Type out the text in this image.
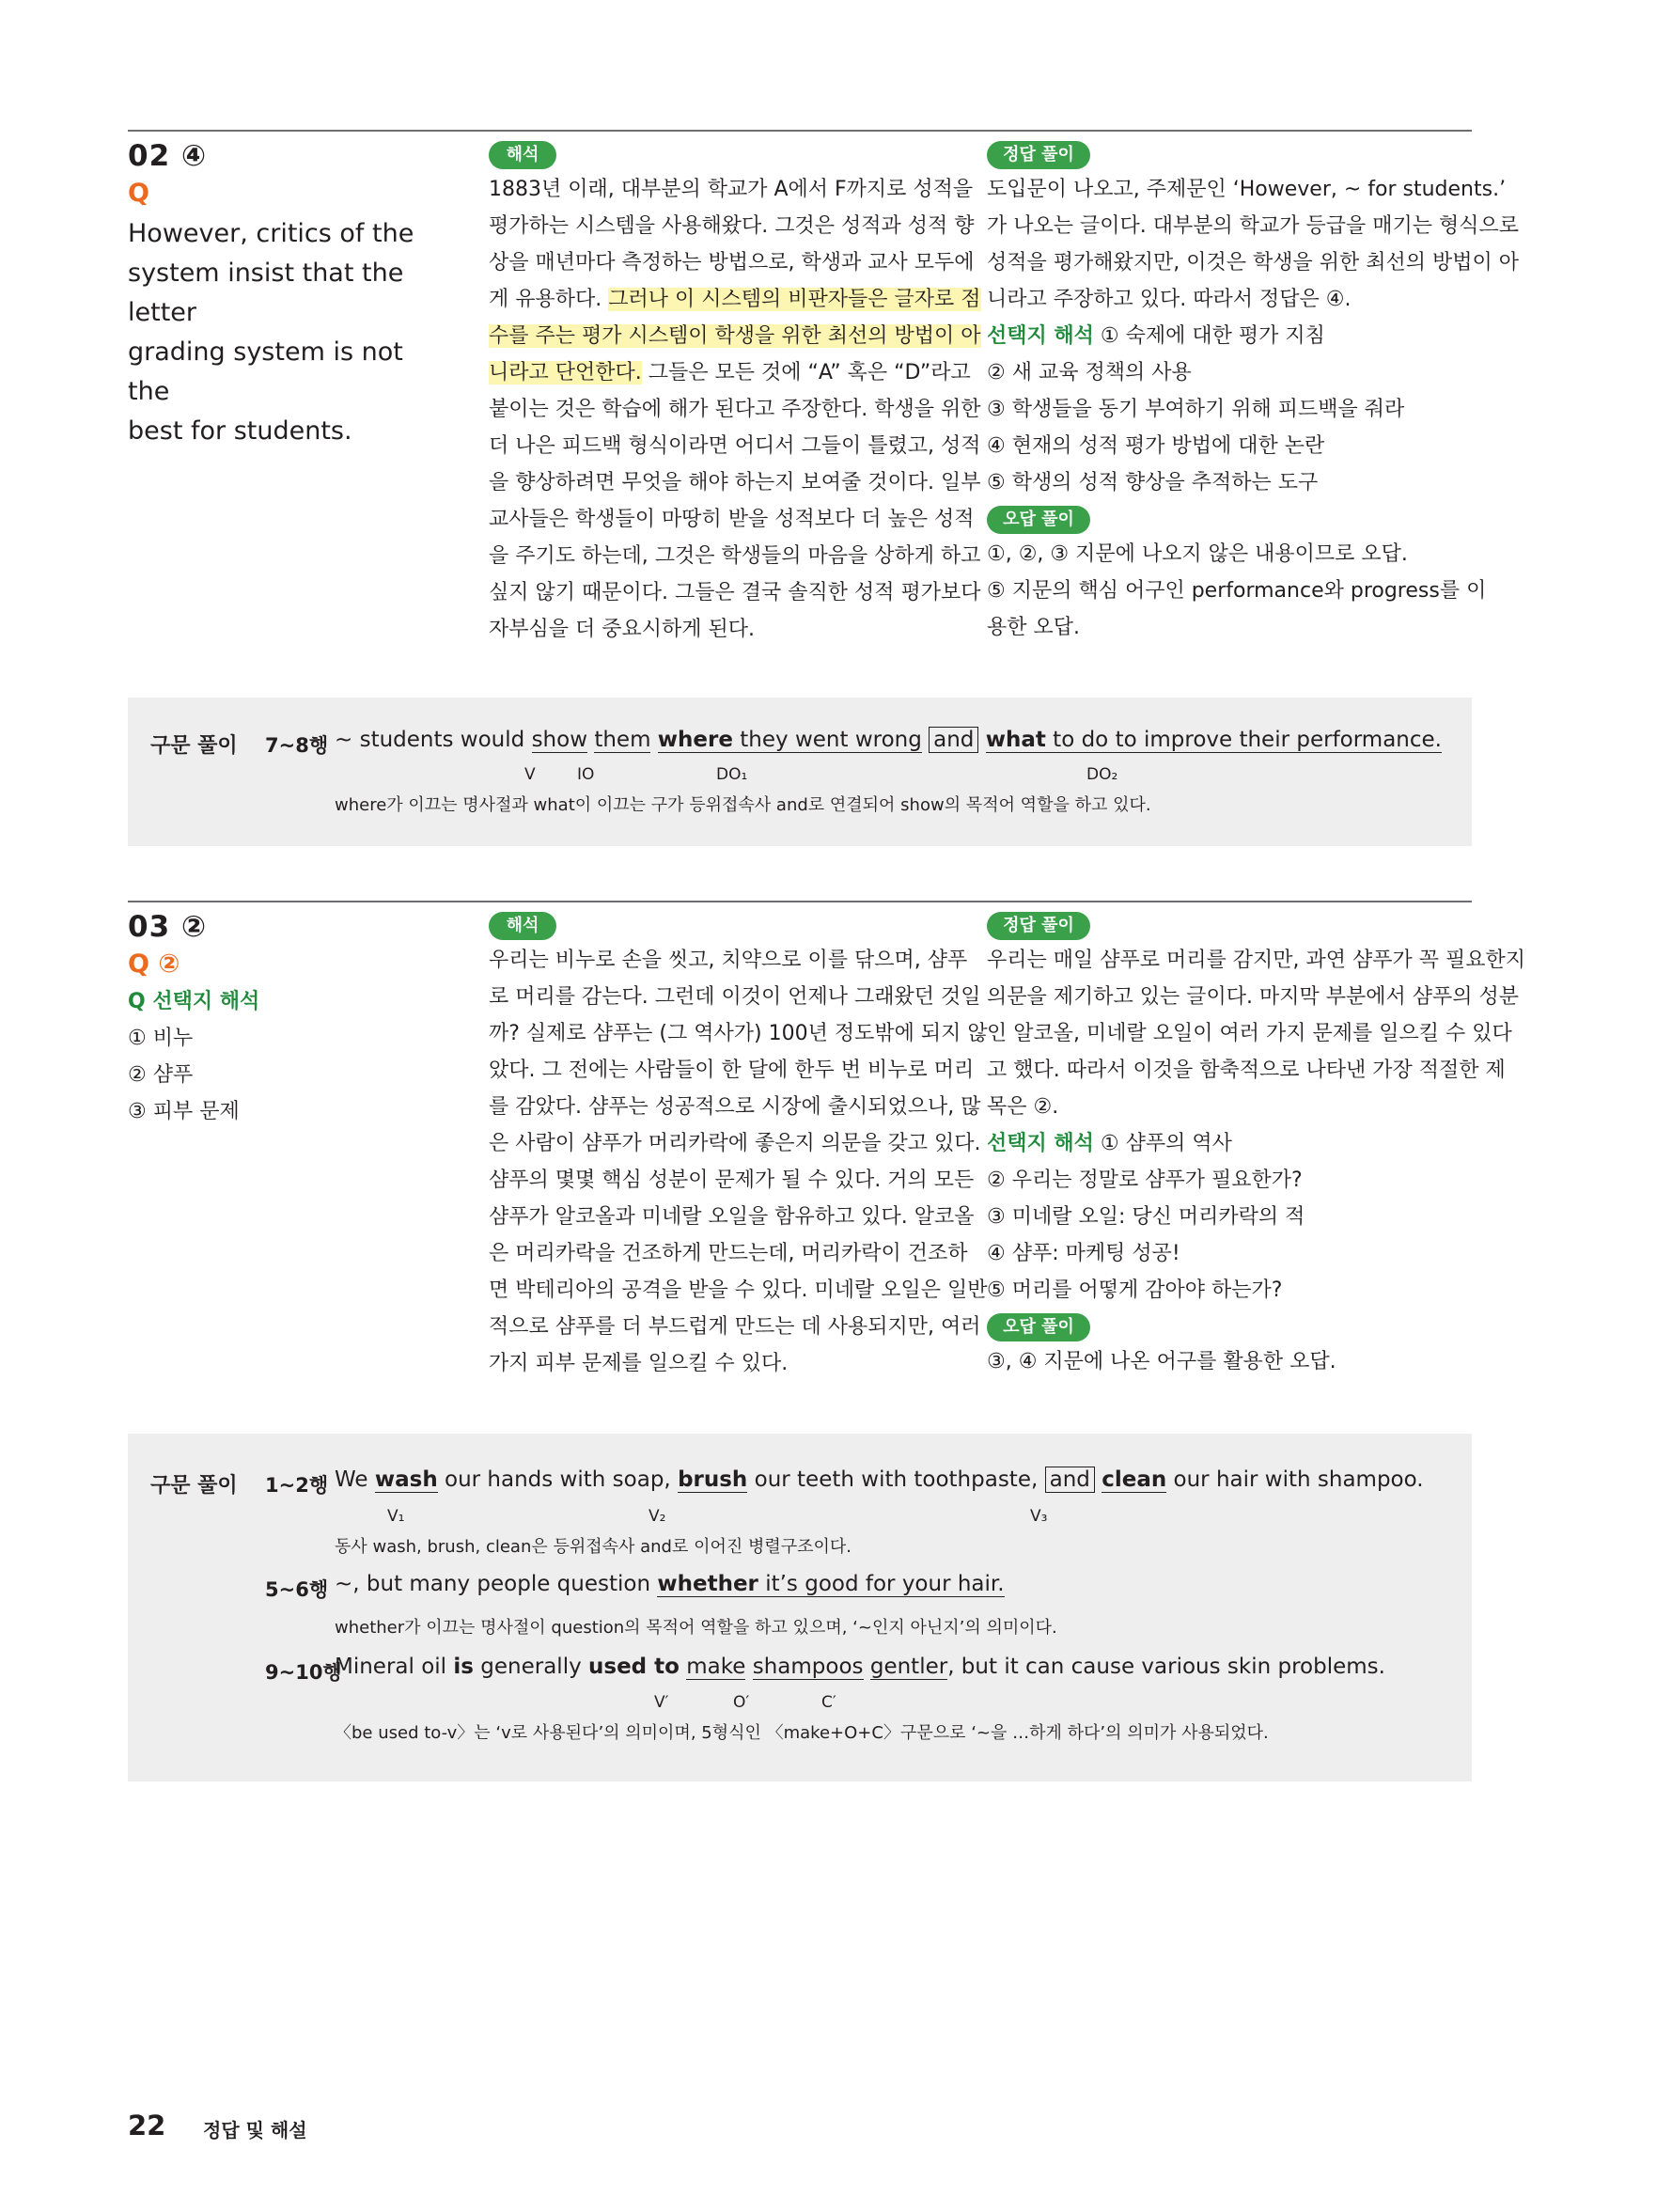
02 ④
Q
However, critics of the
system insist that the letter
grading system is not the
best for students.
해석

1883년 이래, 대부분의 학교가 A에서 F까지로 성적을

평가하는 시스템을 사용해왔다. 그것은 성적과 성적 향

상을 매년마다 측정하는 방법으로, 학생과 교사 모두에

게 유용하다. 그러나 이 시스템의 비판자들은 글자로 점

수를 주는 평가 시스템이 학생을 위한 최선의 방법이 아

니라고 단언한다. 그들은 모든 것에 “A” 혹은 “D”라고

붙이는 것은 학습에 해가 된다고 주장한다. 학생을 위한

더 나은 피드백 형식이라면 어디서 그들이 틀렸고, 성적

을 향상하려면 무엇을 해야 하는지 보여줄 것이다. 일부

교사들은 학생들이 마땅히 받을 성적보다 더 높은 성적

을 주기도 하는데, 그것은 학생들의 마음을 상하게 하고

싶지 않기 때문이다. 그들은 결국 솔직한 성적 평가보다

자부심을 더 중요시하게 된다.

정답 풀이

도입문이 나오고, 주제문인 ‘However, ~ for students.’

가 나오는 글이다. 대부분의 학교가 등급을 매기는 형식으로

성적을 평가해왔지만, 이것은 학생을 위한 최선의 방법이 아

니라고 주장하고 있다. 따라서 정답은 ④.

선택지 해석 ① 숙제에 대한 평가 지침

② 새 교육 정책의 사용

③ 학생들을 동기 부여하기 위해 피드백을 줘라

④ 현재의 성적 평가 방법에 대한 논란

⑤ 학생의 성적 향상을 추적하는 도구

오답 풀이

①, ②, ③ 지문에 나오지 않은 내용이므로 오답.

⑤ 지문의 핵심 어구인 performance와 progress를 이

용한 오답.

구문 풀이 7~8행 ~ students would show them where they went wrong and what to do to improve their performance.
V	IO	DO₁	DO₂
where가 이끄는 명사절과 what이 이끄는 구가 등위접속사 and로 연결되어 show의 목적어 역할을 하고 있다.
03 ②
Q ②
Q 선택지 해석
① 비누
② 샴푸
③ 피부 문제
해석

우리는 비누로 손을 씻고, 치약으로 이를 닦으며, 샴푸

로 머리를 감는다. 그런데 이것이 언제나 그래왔던 것일

까? 실제로 샴푸는 (그 역사가) 100년 정도밖에 되지 않

았다. 그 전에는 사람들이 한 달에 한두 번 비누로 머리

를 감았다. 샴푸는 성공적으로 시장에 출시되었으나, 많

은 사람이 샴푸가 머리카락에 좋은지 의문을 갖고 있다.

샴푸의 몇몇 핵심 성분이 문제가 될 수 있다. 거의 모든

샴푸가 알코올과 미네랄 오일을 함유하고 있다. 알코올

은 머리카락을 건조하게 만드는데, 머리카락이 건조하

면 박테리아의 공격을 받을 수 있다. 미네랄 오일은 일반

적으로 샴푸를 더 부드럽게 만드는 데 사용되지만, 여러

가지 피부 문제를 일으킬 수 있다.

정답 풀이

우리는 매일 샴푸로 머리를 감지만, 과연 샴푸가 꼭 필요한지

의문을 제기하고 있는 글이다. 마지막 부분에서 샴푸의 성분

인 알코올, 미네랄 오일이 여러 가지 문제를 일으킬 수 있다

고 했다. 따라서 이것을 함축적으로 나타낸 가장 적절한 제

목은 ②.

선택지 해석 ① 샴푸의 역사

② 우리는 정말로 샴푸가 필요한가?

③ 미네랄 오일: 당신 머리카락의 적

④ 샴푸: 마케팅 성공!

⑤ 머리를 어떻게 감아야 하는가?

오답 풀이

③, ④ 지문에 나온 어구를 활용한 오답.

구문 풀이 1~2행 We wash our hands with soap, brush our teeth with toothpaste, and clean our hair with shampoo.
V₁	V₂	V₃
동사 wash, brush, clean은 등위접속사 and로 이어진 병렬구조이다.
5~6행 ~, but many people question whether it’s good for your hair.
whether가 이끄는 명사절이 question의 목적어 역할을 하고 있으며, ‘~인지 아닌지’의 의미이다.
9~10행
Mineral oil is generally used to make shampoos gentler, but it can cause various skin problems.
V′	O′	C′
〈be used to-v〉는 ‘v로 사용된다’의 의미이며, 5형식인 〈make+O+C〉구문으로 ‘~을 …하게 하다’의 의미가 사용되었다.
22 정답 및 해설
